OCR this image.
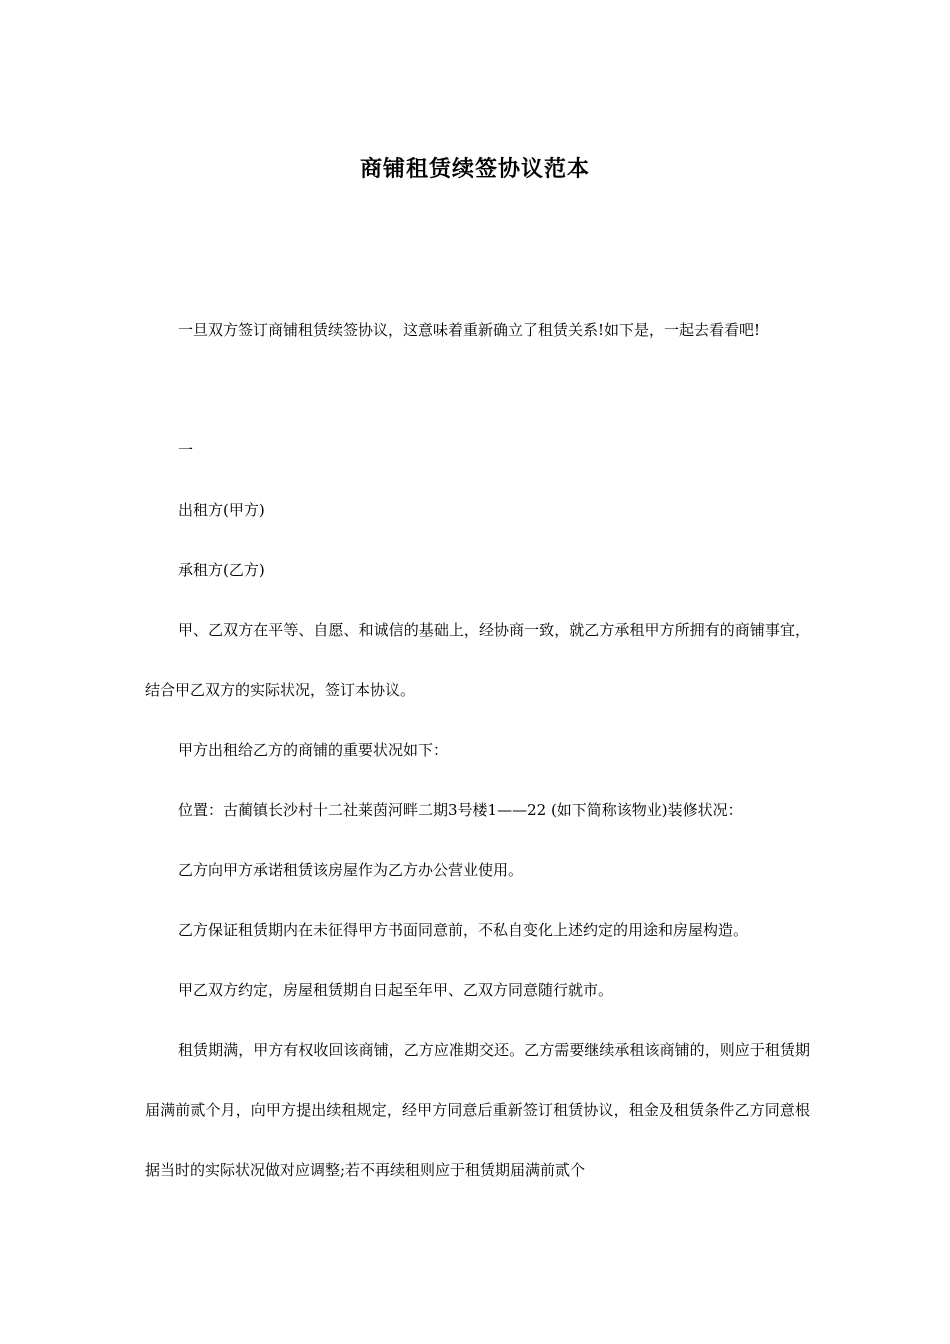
商铺租赁续签协议范本
一旦双方签订商铺租赁续签协议，这意味着重新确立了租赁关系!如下是，一起去看看吧!
一
出租方(甲方)
承租方(乙方)
甲、乙双方在平等、自愿、和诚信的基础上，经协商一致，就乙方承租甲方所拥有的商铺事宜，结合甲乙双方的实际状况，签订本协议。
甲方出租给乙方的商铺的重要状况如下：
位置：古蔺镇长沙村十二社莱茵河畔二期3号楼1——22 (如下简称该物业)装修状况：
乙方向甲方承诺租赁该房屋作为乙方办公营业使用。
乙方保证租赁期内在未征得甲方书面同意前，不私自变化上述约定的用途和房屋构造。
甲乙双方约定，房屋租赁期自日起至年甲、乙双方同意随行就市。
租赁期满，甲方有权收回该商铺，乙方应准期交还。乙方需要继续承租该商铺的，则应于租赁期届满前贰个月，向甲方提出续租规定，经甲方同意后重新签订租赁协议，租金及租赁条件乙方同意根据当时的实际状况做对应调整;若不再续租则应于租赁期届满前贰个
